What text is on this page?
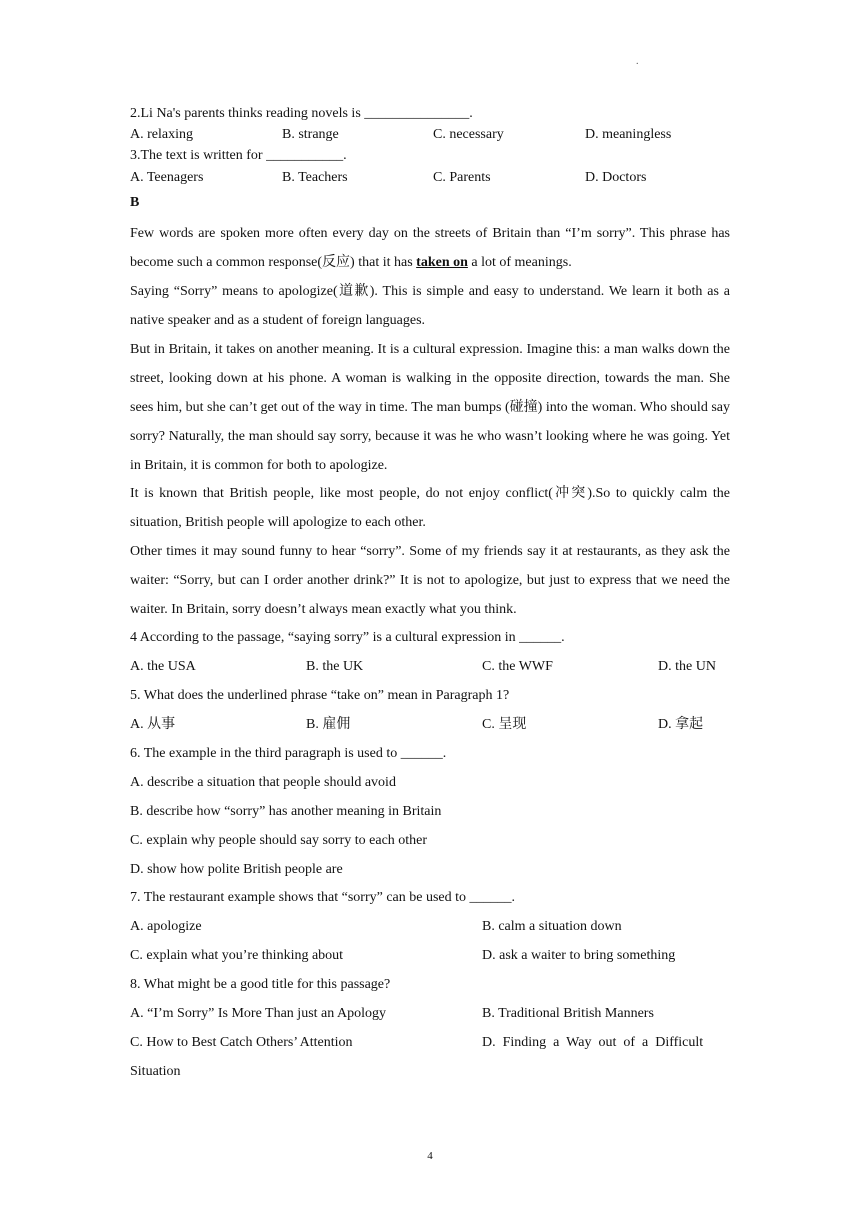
.
2.Li Na's parents thinks reading novels is _______________.
A. relaxing	B. strange	C. necessary	D. meaningless
3.The text is written for ___________.
A. Teenagers	B. Teachers	C. Parents	D. Doctors
B
Few words are spoken more often every day on the streets of Britain than “I’m sorry”. This phrase has become such a common response(反应) that it has taken on a lot of meanings.
Saying “Sorry” means to apologize(道歉). This is simple and easy to understand. We learn it both as a native speaker and as a student of foreign languages.
But in Britain, it takes on another meaning. It is a cultural expression. Imagine this: a man walks down the street, looking down at his phone. A woman is walking in the opposite direction, towards the man. She sees him, but she can’t get out of the way in time. The man bumps (碰撞) into the woman. Who should say sorry? Naturally, the man should say sorry, because it was he who wasn’t looking where he was going. Yet in Britain, it is common for both to apologize.
It is known that British people, like most people, do not enjoy conflict(冲突).So to quickly calm the situation, British people will apologize to each other.
Other times it may sound funny to hear “sorry”. Some of my friends say it at restaurants, as they ask the waiter: “Sorry, but can I order another drink?” It is not to apologize, but just to express that we need the waiter. In Britain, sorry doesn’t always mean exactly what you think.
4 According to the passage, “saying sorry” is a cultural expression in ______.
A. the USA	B. the UK	C. the WWF	D. the UN
5. What does the underlined phrase “take on” mean in Paragraph 1?
A. 从事	B. 雇佣	C. 呈现	D. 拿起
6. The example in the third paragraph is used to ______.
A. describe a situation that people should avoid
B. describe how “sorry” has another meaning in Britain
C. explain why people should say sorry to each other
D. show how polite British people are
7. The restaurant example shows that “sorry” can be used to ______.
A. apologize	B. calm a situation down
C. explain what you’re thinking about	D. ask a waiter to bring something
8. What might be a good title for this passage?
A. “I’m Sorry” Is More Than just an Apology	B. Traditional British Manners
C. How to Best Catch Others’ Attention	D.  Finding  a  Way  out  of  a  Difficult
Situation
4
